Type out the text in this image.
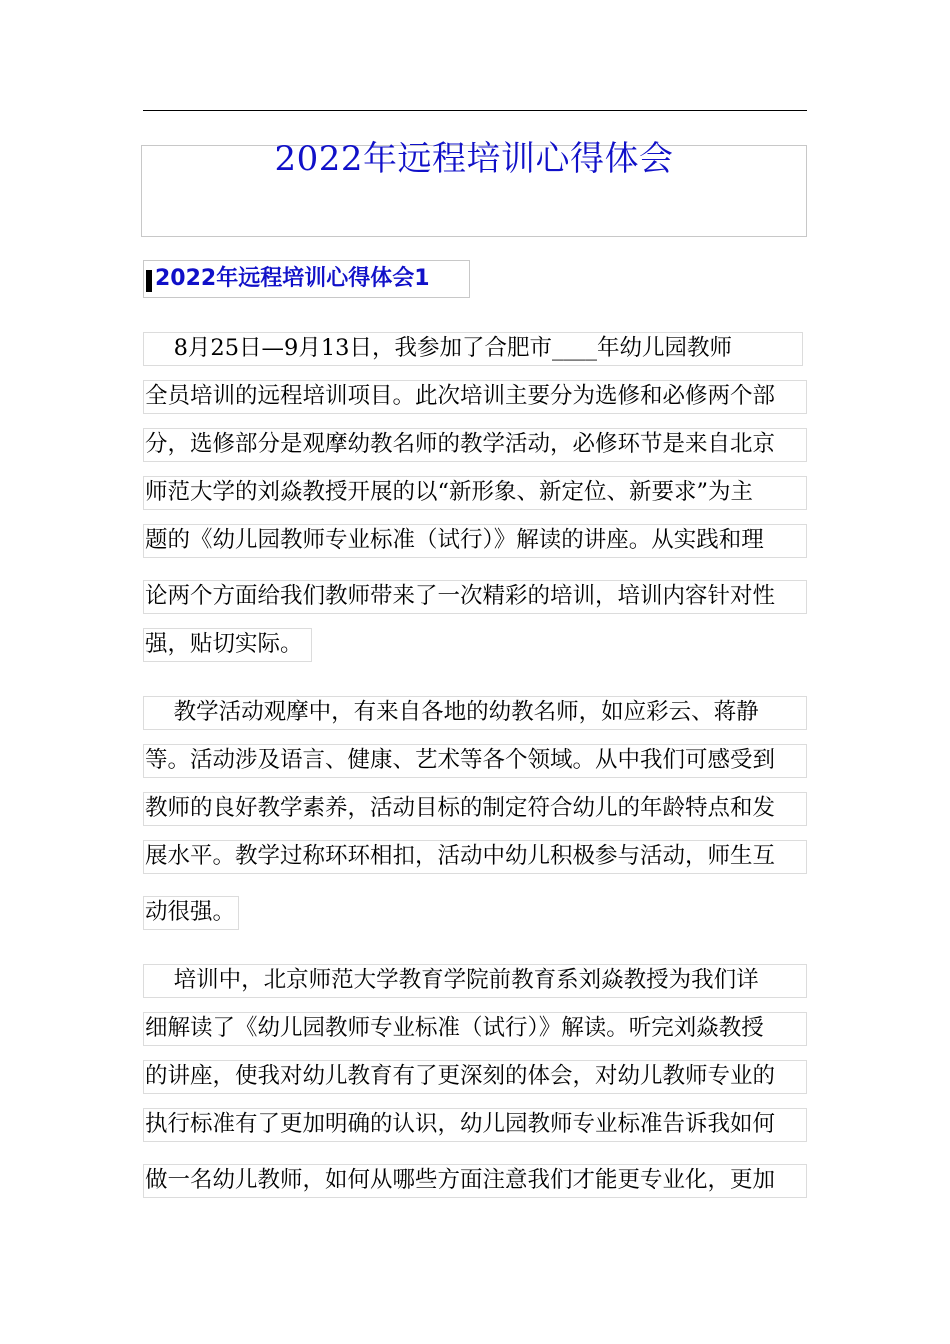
2022年远程培训心得体会
2022年远程培训心得体会1
8月25日—9月13日，我参加了合肥市____年幼儿园教师
全员培训的远程培训项目。此次培训主要分为选修和必修两个部
分，选修部分是观摩幼教名师的教学活动，必修环节是来自北京
师范大学的刘焱教授开展的以“新形象、新定位、新要求”为主
题的《幼儿园教师专业标准（试行）》解读的讲座。从实践和理
论两个方面给我们教师带来了一次精彩的培训，培训内容针对性
强，贴切实际。
教学活动观摩中，有来自各地的幼教名师，如应彩云、蒋静
等。活动涉及语言、健康、艺术等各个领域。从中我们可感受到
教师的良好教学素养，活动目标的制定符合幼儿的年龄特点和发
展水平。教学过称环环相扣，活动中幼儿积极参与活动，师生互
动很强。
培训中，北京师范大学教育学院前教育系刘焱教授为我们详
细解读了《幼儿园教师专业标准（试行）》解读。听完刘焱教授
的讲座，使我对幼儿教育有了更深刻的体会，对幼儿教师专业的
执行标准有了更加明确的认识，幼儿园教师专业标准告诉我如何
做一名幼儿教师，如何从哪些方面注意我们才能更专业化，更加
